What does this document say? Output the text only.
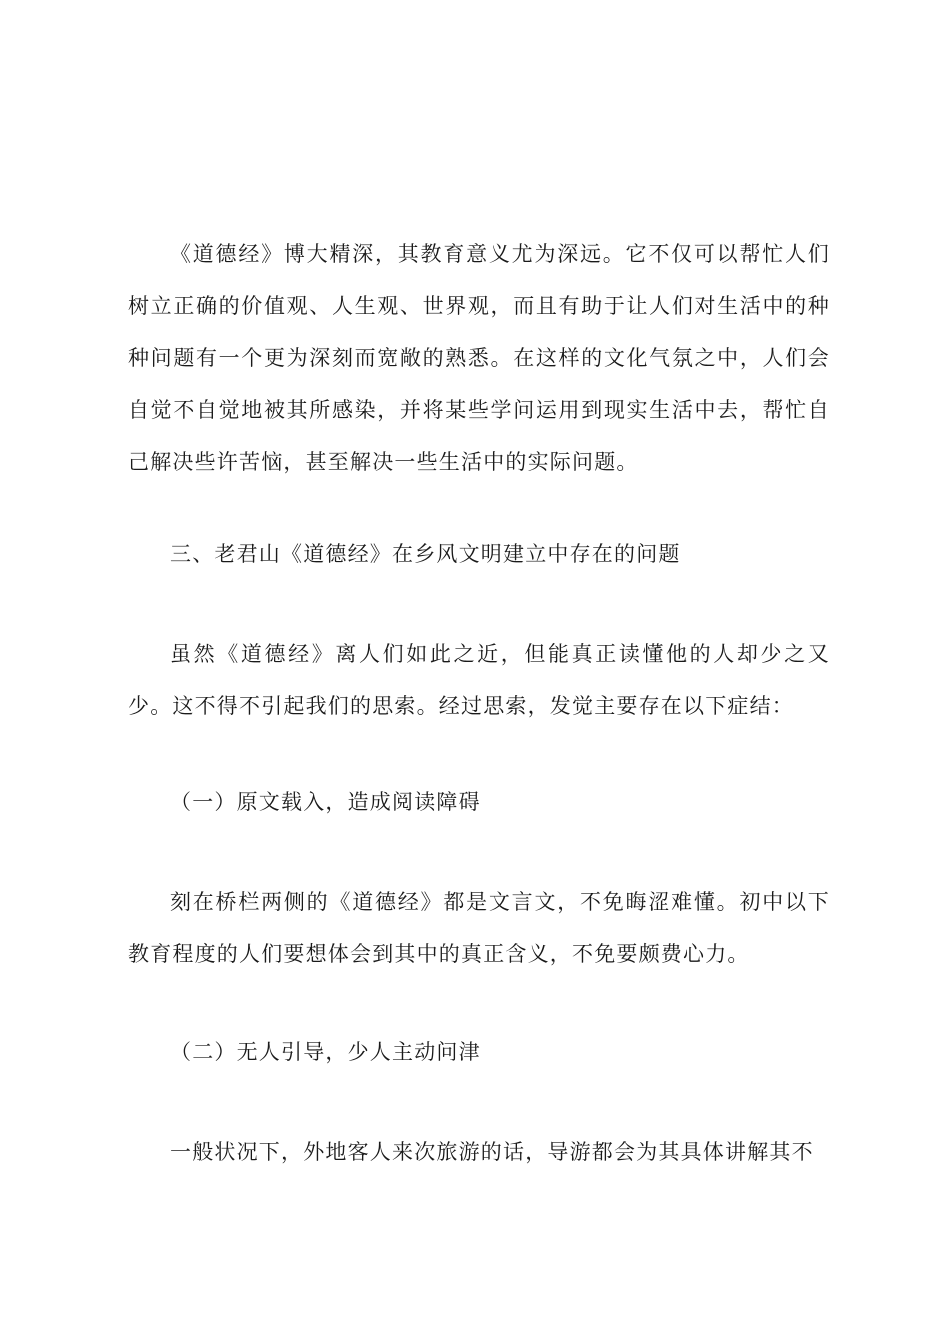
《道德经》博大精深，其教育意义尤为深远。它不仅可以帮忙人们树立正确的价值观、人生观、世界观，而且有助于让人们对生活中的种种问题有一个更为深刻而宽敞的熟悉。在这样的文化气氛之中，人们会自觉不自觉地被其所感染，并将某些学问运用到现实生活中去，帮忙自己解决些许苦恼，甚至解决一些生活中的实际问题。

三、老君山《道德经》在乡风文明建立中存在的问题

虽然《道德经》离人们如此之近，但能真正读懂他的人却少之又少。这不得不引起我们的思索。经过思索，发觉主要存在以下症结：

（一）原文载入，造成阅读障碍

刻在桥栏两侧的《道德经》都是文言文，不免晦涩难懂。初中以下教育程度的人们要想体会到其中的真正含义，不免要颇费心力。

（二）无人引导，少人主动问津

一般状况下，外地客人来次旅游的话，导游都会为其具体讲解其不
